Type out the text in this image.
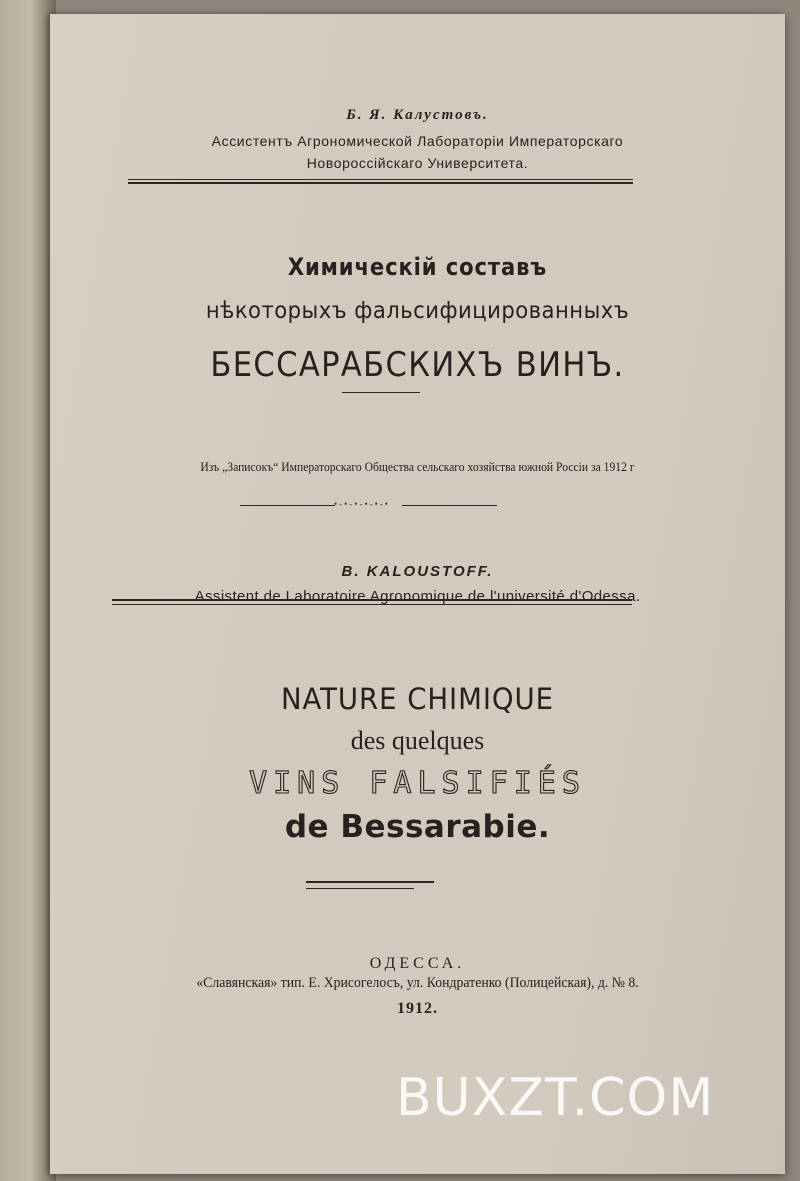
Б. Я. Калустовъ.
Ассистентъ Агрономической Лабораторіи Императорскаго
Новороссійскаго Университета.
Химическій составъ
нѣкоторыхъ фальсифицированныхъ
БЕССАРАБСКИХЪ ВИНЪ.
Изъ „Записокъ“ Императорскаго Общества сельскаго хозяйства южной Россіи за 1912 г
•-•-•-•-•-•
B. KALOUSTOFF.
Assistent de Laboratoire Agronomique de l'université d'Odessa.
NATURE CHIMIQUE
des quelques
VINS FALSIFIÉS
de Bessarabie.
ОДЕССА.
«Славянская» тип. Е. Хрисогелосъ, ул. Кондратенко (Полицейская), д. № 8.
1912.
BUXZT.COM
